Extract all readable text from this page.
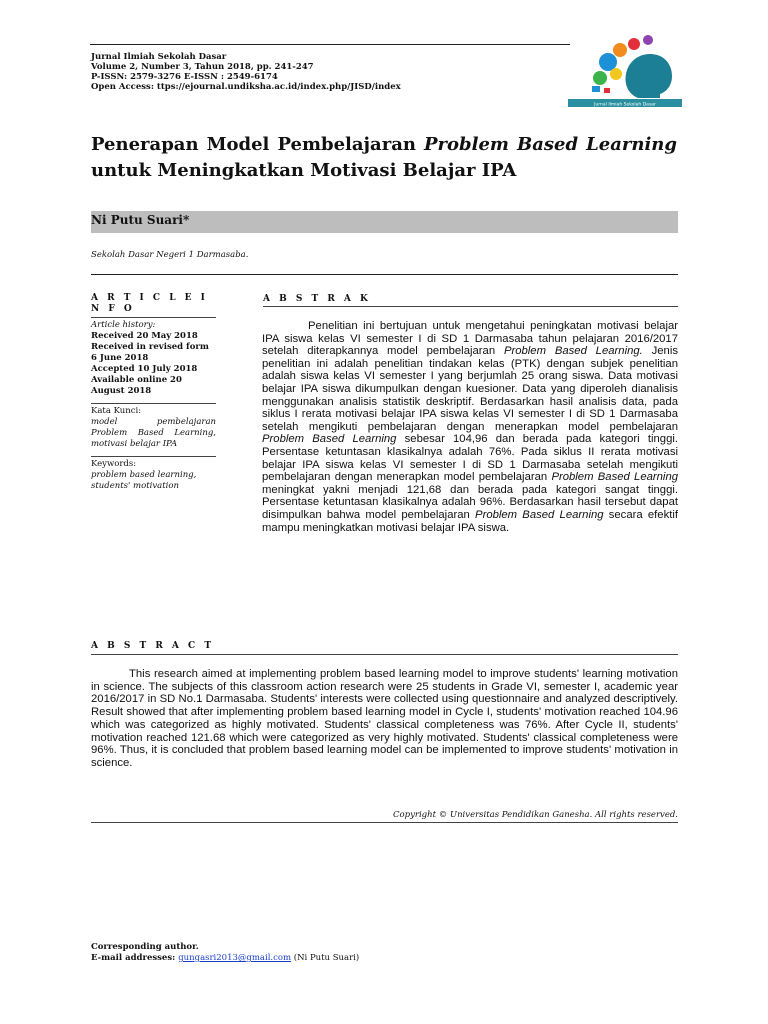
Jurnal Ilmiah Sekolah Dasar
Volume 2, Number 3, Tahun 2018, pp. 241-247
P-ISSN: 2579-3276 E-ISSN : 2549-6174
Open Access: ttps://ejournal.undiksha.ac.id/index.php/JISD/index
Jurnal Ilmiah Sekolah Dasar
Penerapan Model Pembelajaran Problem Based Learning untuk Meningkatkan Motivasi Belajar IPA
Ni Putu Suari*
Sekolah Dasar Negeri 1 Darmasaba.
A R T I C L E I N F O
Article history:
Received 20 May 2018
Received in revised form 6 June 2018
Accepted 10 July 2018
Available online 20 August 2018
Kata Kunci:
model pembelajaran Problem Based Learning, motivasi belajar IPA
Keywords:
problem based learning, students' motivation
A B S T R A K
Penelitian ini bertujuan untuk mengetahui peningkatan motivasi belajar IPA siswa kelas VI semester I di SD 1 Darmasaba tahun pelajaran 2016/2017 setelah diterapkannya model pembelajaran Problem Based Learning. Jenis penelitian ini adalah penelitian tindakan kelas (PTK) dengan subjek penelitian adalah siswa kelas VI semester I yang berjumlah 25 orang siswa. Data motivasi belajar IPA siswa dikumpulkan dengan kuesioner. Data yang diperoleh dianalisis menggunakan analisis statistik deskriptif. Berdasarkan hasil analisis data, pada siklus I rerata motivasi belajar IPA siswa kelas VI semester I di SD 1 Darmasaba setelah mengikuti pembelajaran dengan menerapkan model pembelajaran Problem Based Learning sebesar 104,96 dan berada pada kategori tinggi. Persentase ketuntasan klasikalnya adalah 76%. Pada siklus II rerata motivasi belajar IPA siswa kelas VI semester I di SD 1 Darmasaba setelah mengikuti pembelajaran dengan menerapkan model pembelajaran Problem Based Learning meningkat yakni menjadi 121,68 dan berada pada kategori sangat tinggi. Persentase ketuntasan klasikalnya adalah 96%. Berdasarkan hasil tersebut dapat disimpulkan bahwa model pembelajaran Problem Based Learning secara efektif mampu meningkatkan motivasi belajar IPA siswa.
A B S T R A C T
This research aimed at implementing problem based learning model to improve students' learning motivation in science. The subjects of this classroom action research were 25 students in Grade VI, semester I, academic year 2016/2017 in SD No.1 Darmasaba. Students' interests were collected using questionnaire and analyzed descriptively. Result showed that after implementing problem based learning model in Cycle I, students' motivation reached 104.96 which was categorized as highly motivated. Students' classical completeness was 76%. After Cycle II, students' motivation reached 121.68 which were categorized as very highly motivated. Students' classical completeness were 96%. Thus, it is concluded that problem based learning model can be implemented to improve students' motivation in science.
Copyright © Universitas Pendidikan Ganesha. All rights reserved.
Corresponding author.
E-mail addresses: gungasri2013@gmail.com (Ni Putu Suari)
